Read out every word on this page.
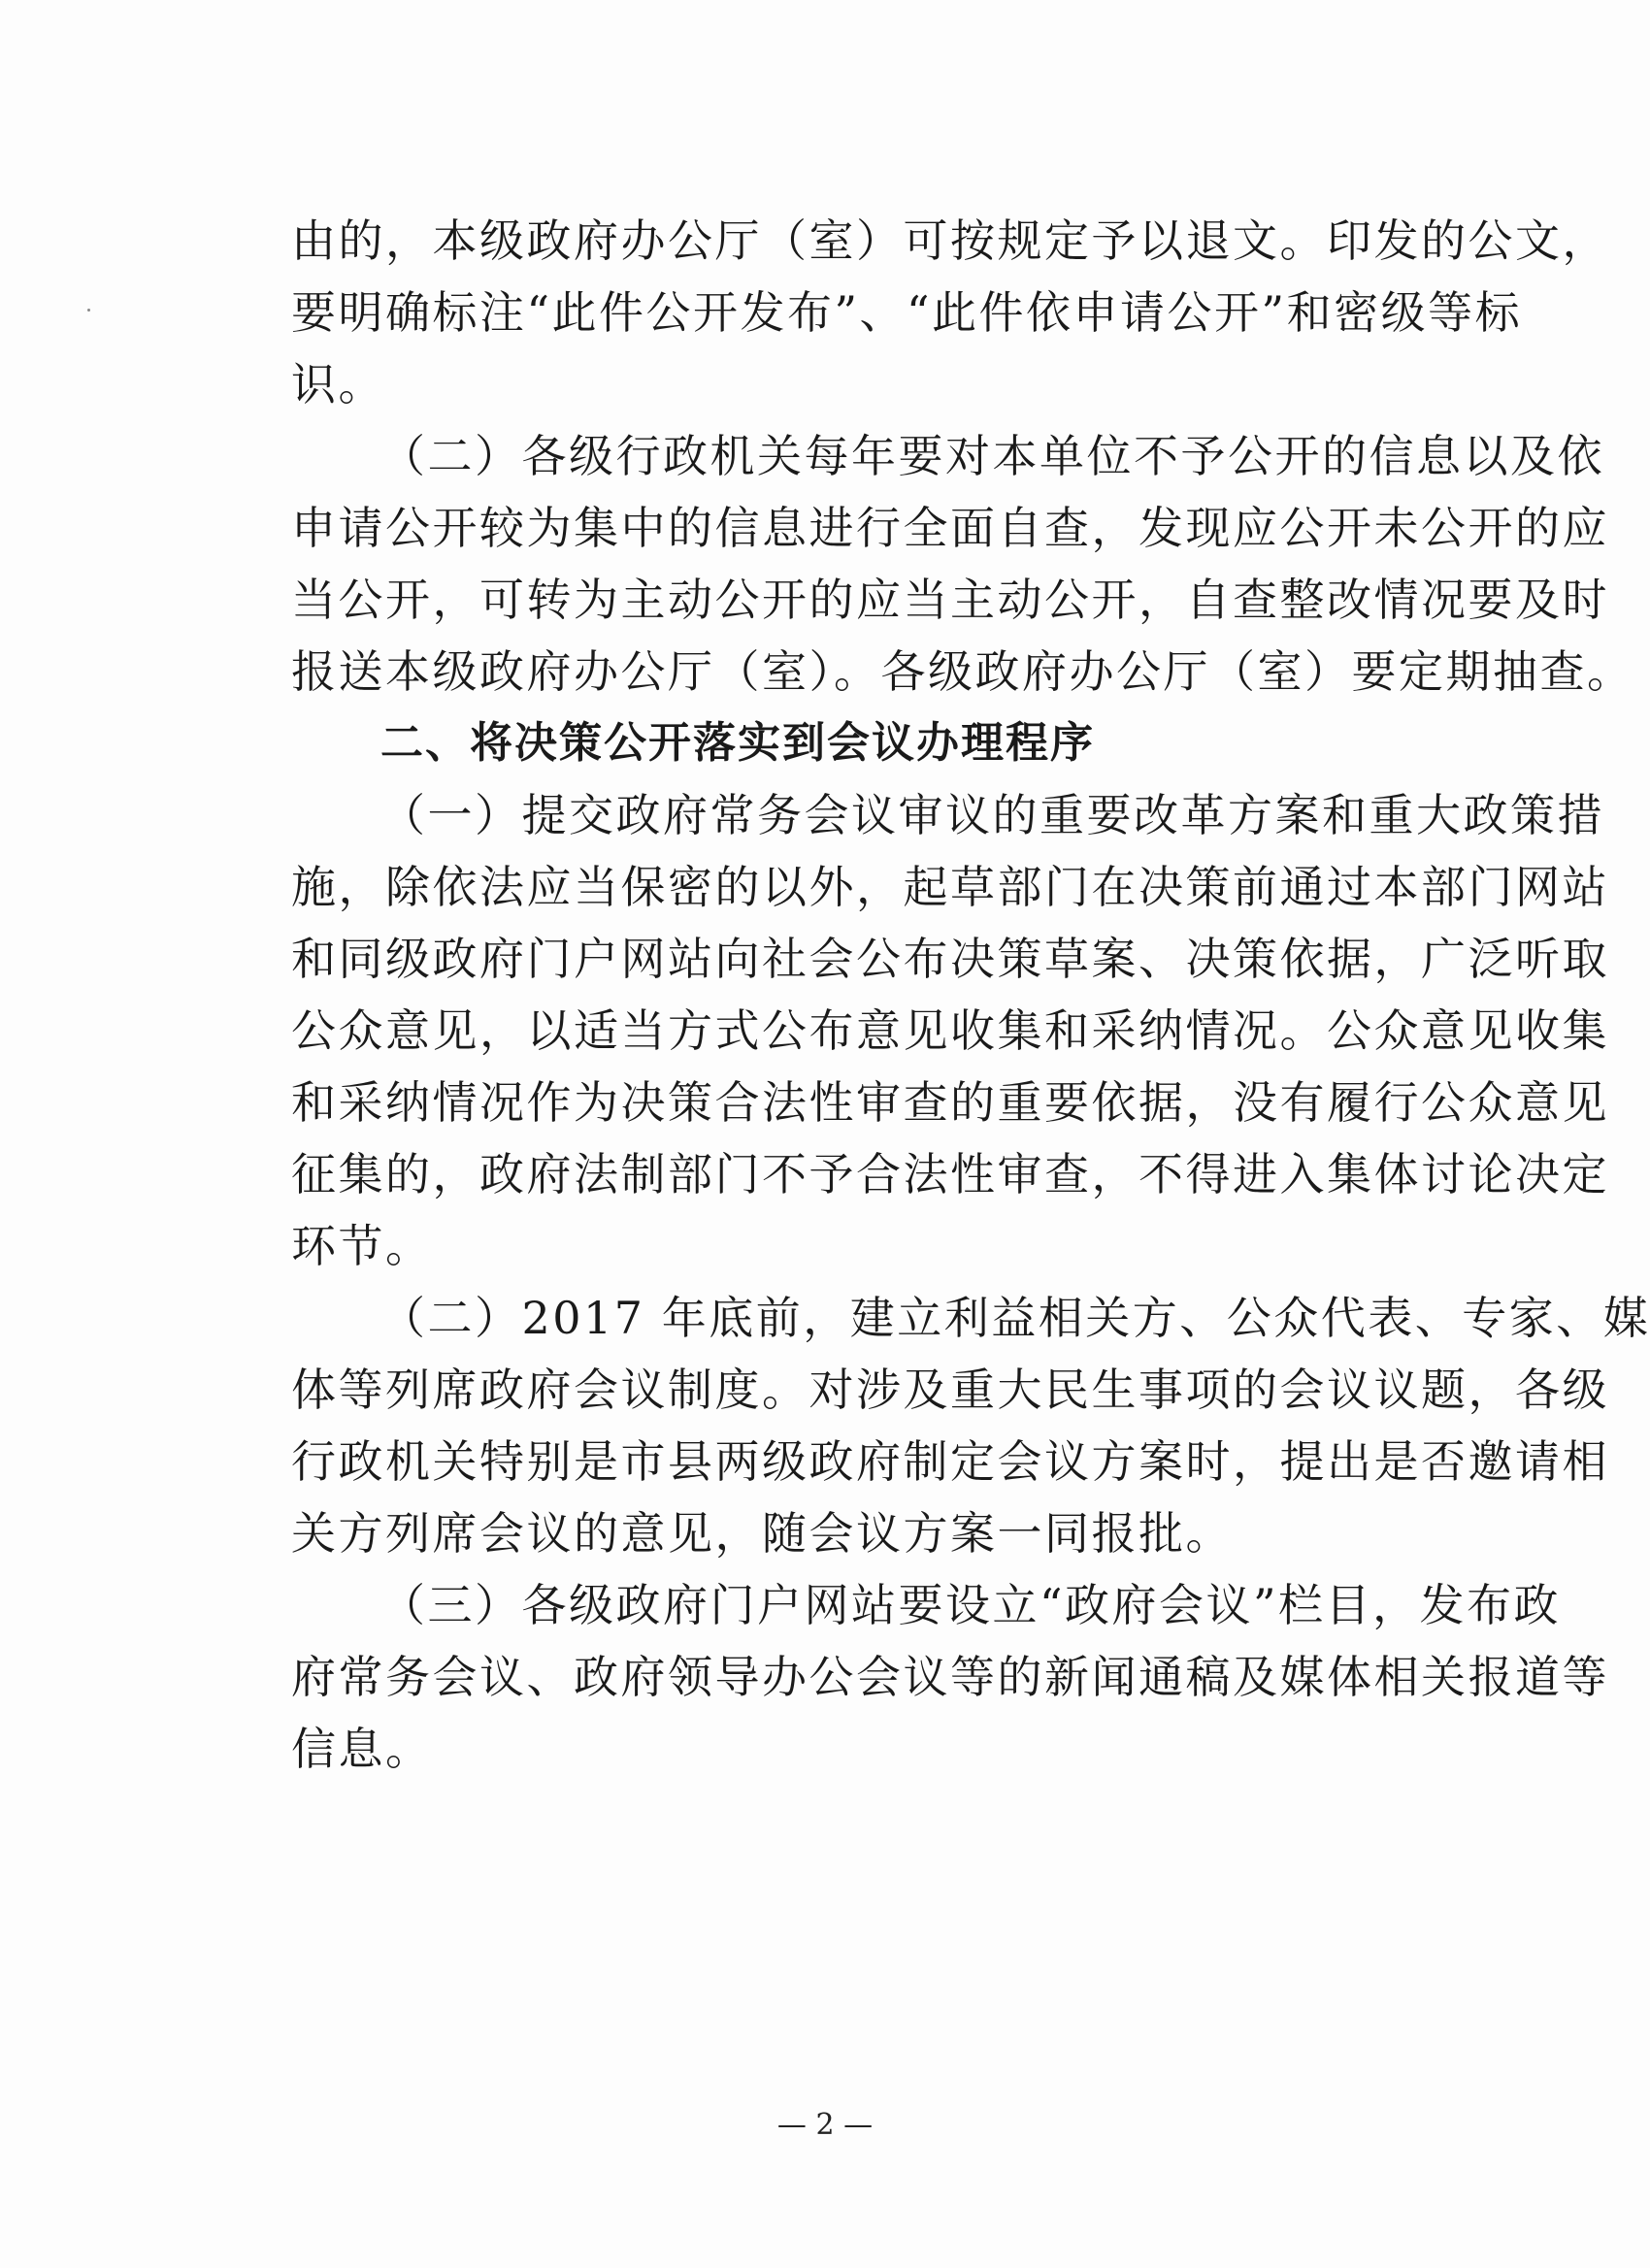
由的，本级政府办公厅（室）可按规定予以退文。印发的公文，
要明确标注“此件公开发布”、“此件依申请公开”和密级等标
识。
（二）各级行政机关每年要对本单位不予公开的信息以及依
申请公开较为集中的信息进行全面自查，发现应公开未公开的应
当公开，可转为主动公开的应当主动公开，自查整改情况要及时
报送本级政府办公厅（室）。各级政府办公厅（室）要定期抽查。
二、将决策公开落实到会议办理程序
（一）提交政府常务会议审议的重要改革方案和重大政策措
施，除依法应当保密的以外，起草部门在决策前通过本部门网站
和同级政府门户网站向社会公布决策草案、决策依据，广泛听取
公众意见，以适当方式公布意见收集和采纳情况。公众意见收集
和采纳情况作为决策合法性审查的重要依据，没有履行公众意见
征集的，政府法制部门不予合法性审查，不得进入集体讨论决定
环节。
（二）2017 年底前，建立利益相关方、公众代表、专家、媒
体等列席政府会议制度。对涉及重大民生事项的会议议题，各级
行政机关特别是市县两级政府制定会议方案时，提出是否邀请相
关方列席会议的意见，随会议方案一同报批。
（三）各级政府门户网站要设立“政府会议”栏目，发布政
府常务会议、政府领导办公会议等的新闻通稿及媒体相关报道等
信息。
— 2 —
